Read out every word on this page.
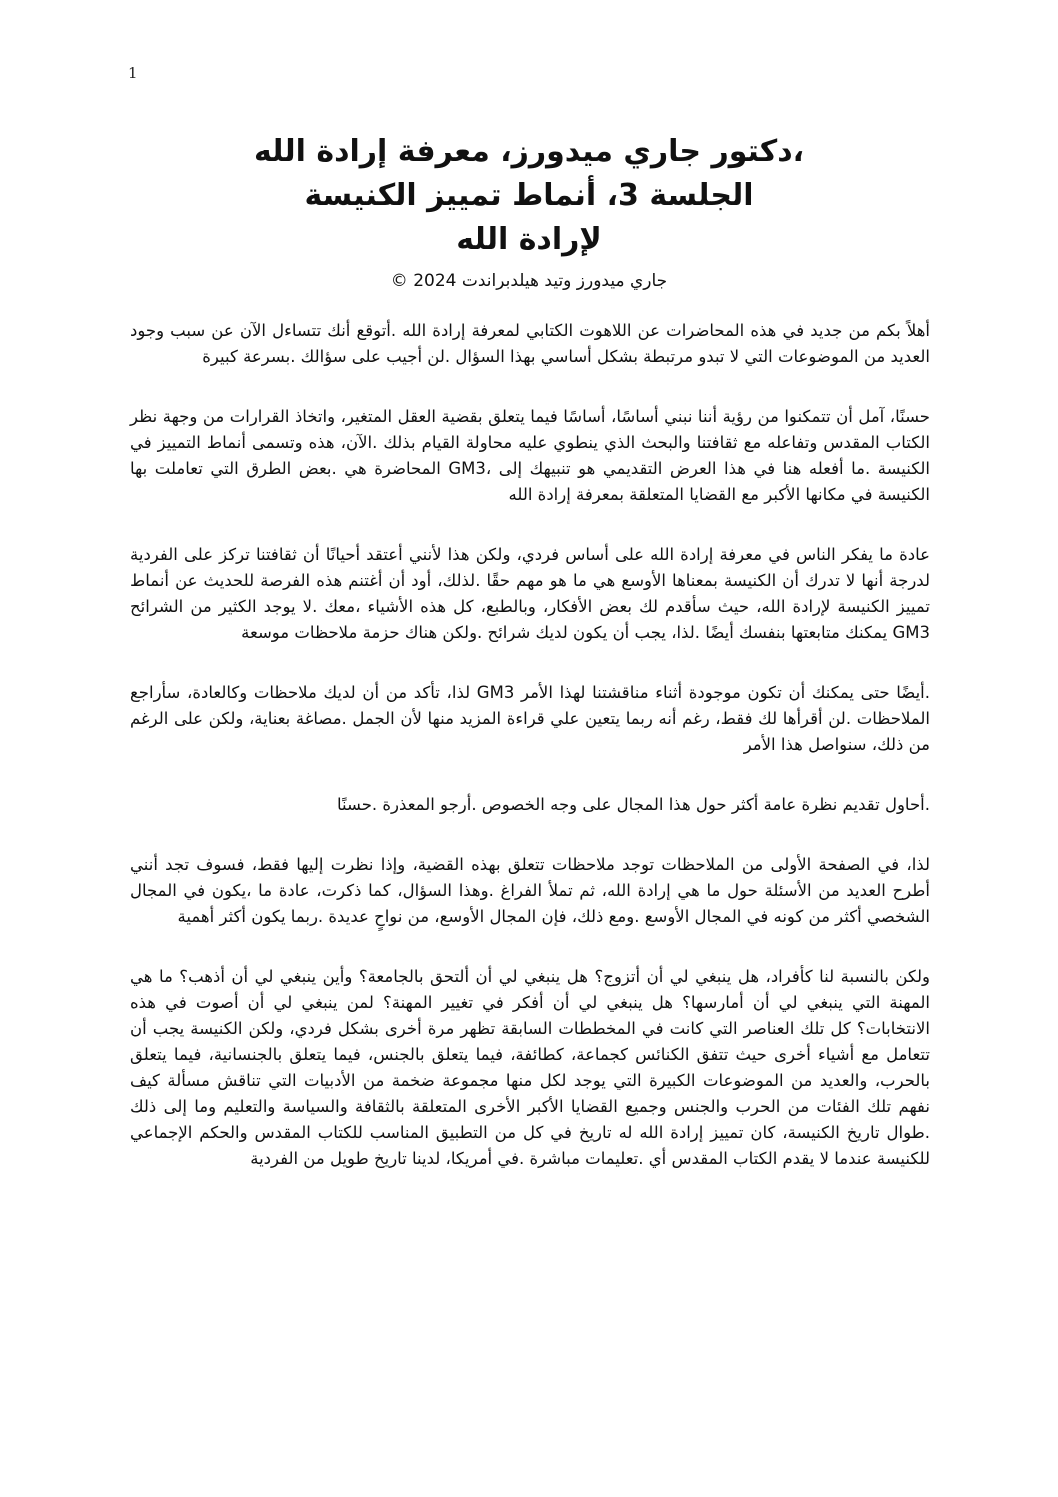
1
،دكتور جاري ميدورز، معرفة إرادة الله
الجلسة 3، أنماط تمييز الكنيسة
لإرادة الله
جاري ميدورز وتيد هيلدبراندت 2024 ©

أهلاً بكم من جديد في هذه المحاضرات عن اللاهوت الكتابي لمعرفة إرادة الله .أتوقع أنك تتساءل الآن عن سبب وجود العديد من الموضوعات التي لا تبدو مرتبطة بشكل أساسي بهذا السؤال .لن أجيب على سؤالك .بسرعة كبيرة

حسنًا، آمل أن تتمكنوا من رؤية أننا نبني أساسًا، أساسًا فيما يتعلق بقضية العقل المتغير، واتخاذ القرارات من وجهة نظر الكتاب المقدس وتفاعله مع ثقافتنا والبحث الذي ينطوي عليه محاولة القيام بذلك .الآن، هذه وتسمى أنماط التمييز في الكنيسة .ما أفعله هنا في هذا العرض التقديمي هو تنبيهك إلى ،GM3 المحاضرة هي .بعض الطرق التي تعاملت بها الكنيسة في مكانها الأكبر مع القضايا المتعلقة بمعرفة إرادة الله

عادة ما يفكر الناس في معرفة إرادة الله على أساس فردي، ولكن هذا لأنني أعتقد أحيانًا أن ثقافتنا تركز على الفردية لدرجة أنها لا تدرك أن الكنيسة بمعناها الأوسع هي ما هو مهم حقًا .لذلك، أود أن أغتنم هذه الفرصة للحديث عن أنماط تمييز الكنيسة لإرادة الله، حيث سأقدم لك بعض الأفكار، وبالطبع، كل هذه الأشياء ،معك .لا يوجد الكثير من الشرائح GM3 يمكنك متابعتها بنفسك أيضًا .لذا، يجب أن يكون لديك شرائح .ولكن هناك حزمة ملاحظات موسعة

.أيضًا حتى يمكنك أن تكون موجودة أثناء مناقشتنا لهذا الأمر GM3 لذا، تأكد من أن لديك ملاحظات وكالعادة، سأراجع الملاحظات .لن أقرأها لك فقط، رغم أنه ربما يتعين علي قراءة المزيد منها لأن الجمل .مصاغة بعناية، ولكن على الرغم من ذلك، سنواصل هذا الأمر

.أحاول تقديم نظرة عامة أكثر حول هذا المجال على وجه الخصوص .أرجو المعذرة .حسنًا

لذا، في الصفحة الأولى من الملاحظات توجد ملاحظات تتعلق بهذه القضية، وإذا نظرت إليها فقط، فسوف تجد أنني أطرح العديد من الأسئلة حول ما هي إرادة الله، ثم تملأ الفراغ .وهذا السؤال، كما ذكرت، عادة ما ،يكون في المجال الشخصي أكثر من كونه في المجال الأوسع .ومع ذلك، فإن المجال الأوسع، من نواحٍ عديدة .ربما يكون أكثر أهمية

ولكن بالنسبة لنا كأفراد، هل ينبغي لي أن أتزوج؟ هل ينبغي لي أن ألتحق بالجامعة؟ وأين ينبغي لي أن أذهب؟ ما هي المهنة التي ينبغي لي أن أمارسها؟ هل ينبغي لي أن أفكر في تغيير المهنة؟ لمن ينبغي لي أن أصوت في هذه الانتخابات؟ كل تلك العناصر التي كانت في المخططات السابقة تظهر مرة أخرى بشكل فردي، ولكن الكنيسة يجب أن تتعامل مع أشياء أخرى حيث تتفق الكنائس كجماعة، كطائفة، فيما يتعلق بالجنس، فيما يتعلق بالجنسانية، فيما يتعلق بالحرب، والعديد من الموضوعات الكبيرة التي يوجد لكل منها مجموعة ضخمة من الأدبيات التي تناقش مسألة كيف نفهم تلك الفئات من الحرب والجنس وجميع القضايا الأكبر الأخرى المتعلقة بالثقافة والسياسة والتعليم وما إلى ذلك .طوال تاريخ الكنيسة، كان تمييز إرادة الله له تاريخ في كل من التطبيق المناسب للكتاب المقدس والحكم الإجماعي للكنيسة عندما لا يقدم الكتاب المقدس أي .تعليمات مباشرة .في أمريكا، لدينا تاريخ طويل من الفردية
